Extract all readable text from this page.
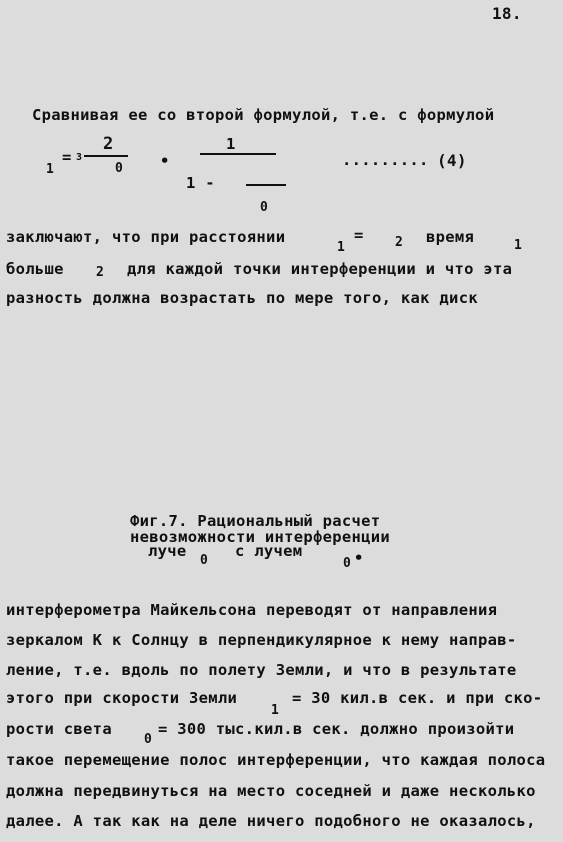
18.
Сравнивая ее со второй формулой, т.е. с формулой
1
= 3
2
0 •
1
1 -
0
......... (4)
заключают, что при расстоянии
1
= 2 время	1
больше 2 для каждой точки интерференции и что эта
разность должна возрастать по мере того, как диск
Фиг.7. Рациональный расчет
невозможности интерференции
луче
0
с лучем
0 •
интерферометра Майкельсона переводят от направления
зеркалом К к Солнцу в перпендикулярное к нему направ-
ление, т.е. вдоль по полету Земли, и что в результате
этого при скорости Земли
1
= 30 кил.в сек. и при ско-
рости света
0
= 300 тыс.кил.в сек. должно произойти
такое перемещение полос интерференции, что каждая полоса
должна передвинуться на место соседней и даже несколько
далее. А так как на деле ничего подобного не оказалось,
